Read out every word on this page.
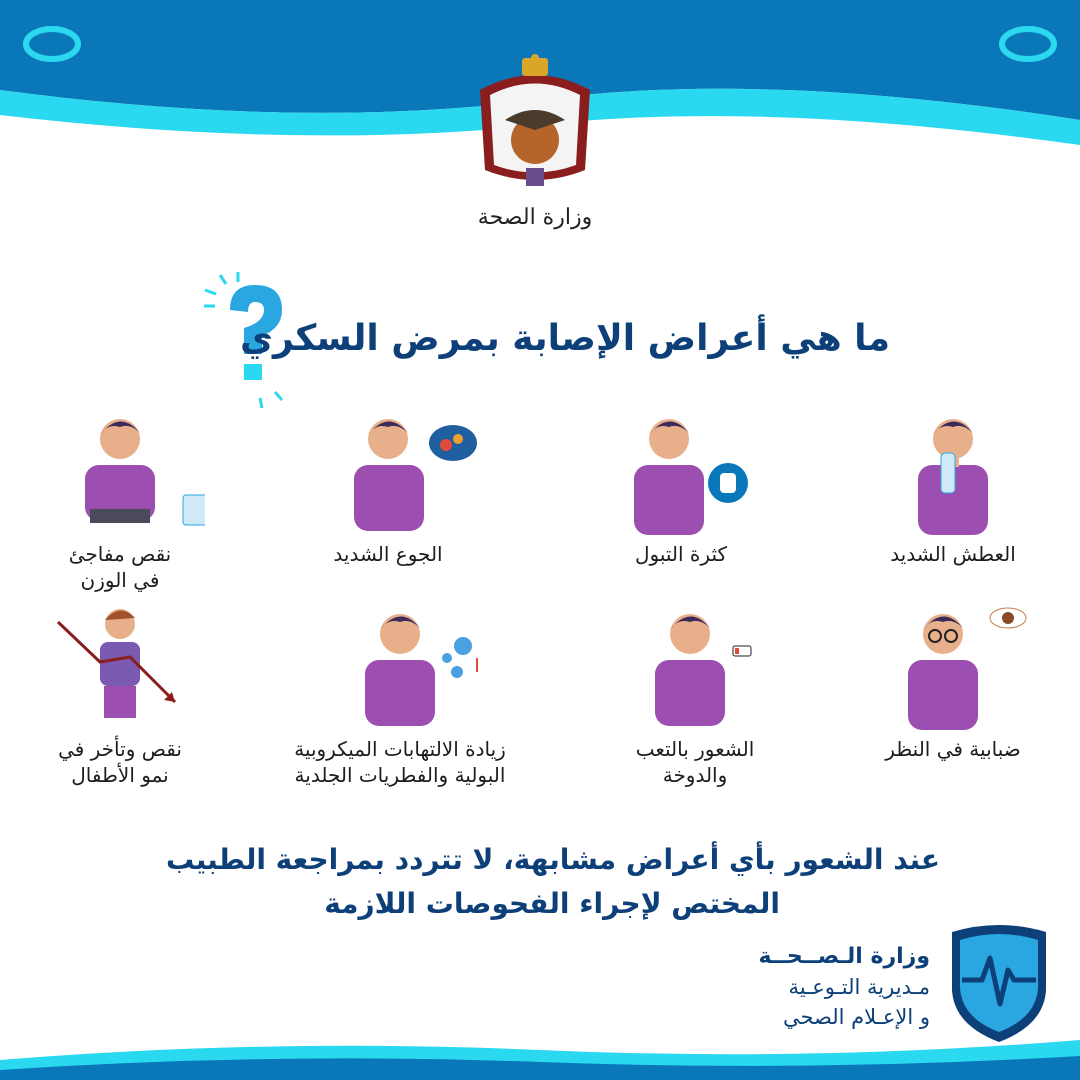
وزارة الصحة
ما هي أعراض الإصابة بمرض السكري
العطش الشديد
كثرة التبول
الجوع الشديد
نقص مفاجئ
في الوزن
ضبابية في النظر
الشعور بالتعب
والدوخة
زيادة الالتهابات الميكروبية
البولية والفطريات الجلدية
نقص وتأخر في
نمو الأطفال
عند الشعور بأي أعراض مشابهة، لا تتردد بمراجعة الطبيب
المختص لإجراء الفحوصات اللازمة
وزارة الـصــحــة
مـديرية التـوعـية
و الإعـلام الصحي
